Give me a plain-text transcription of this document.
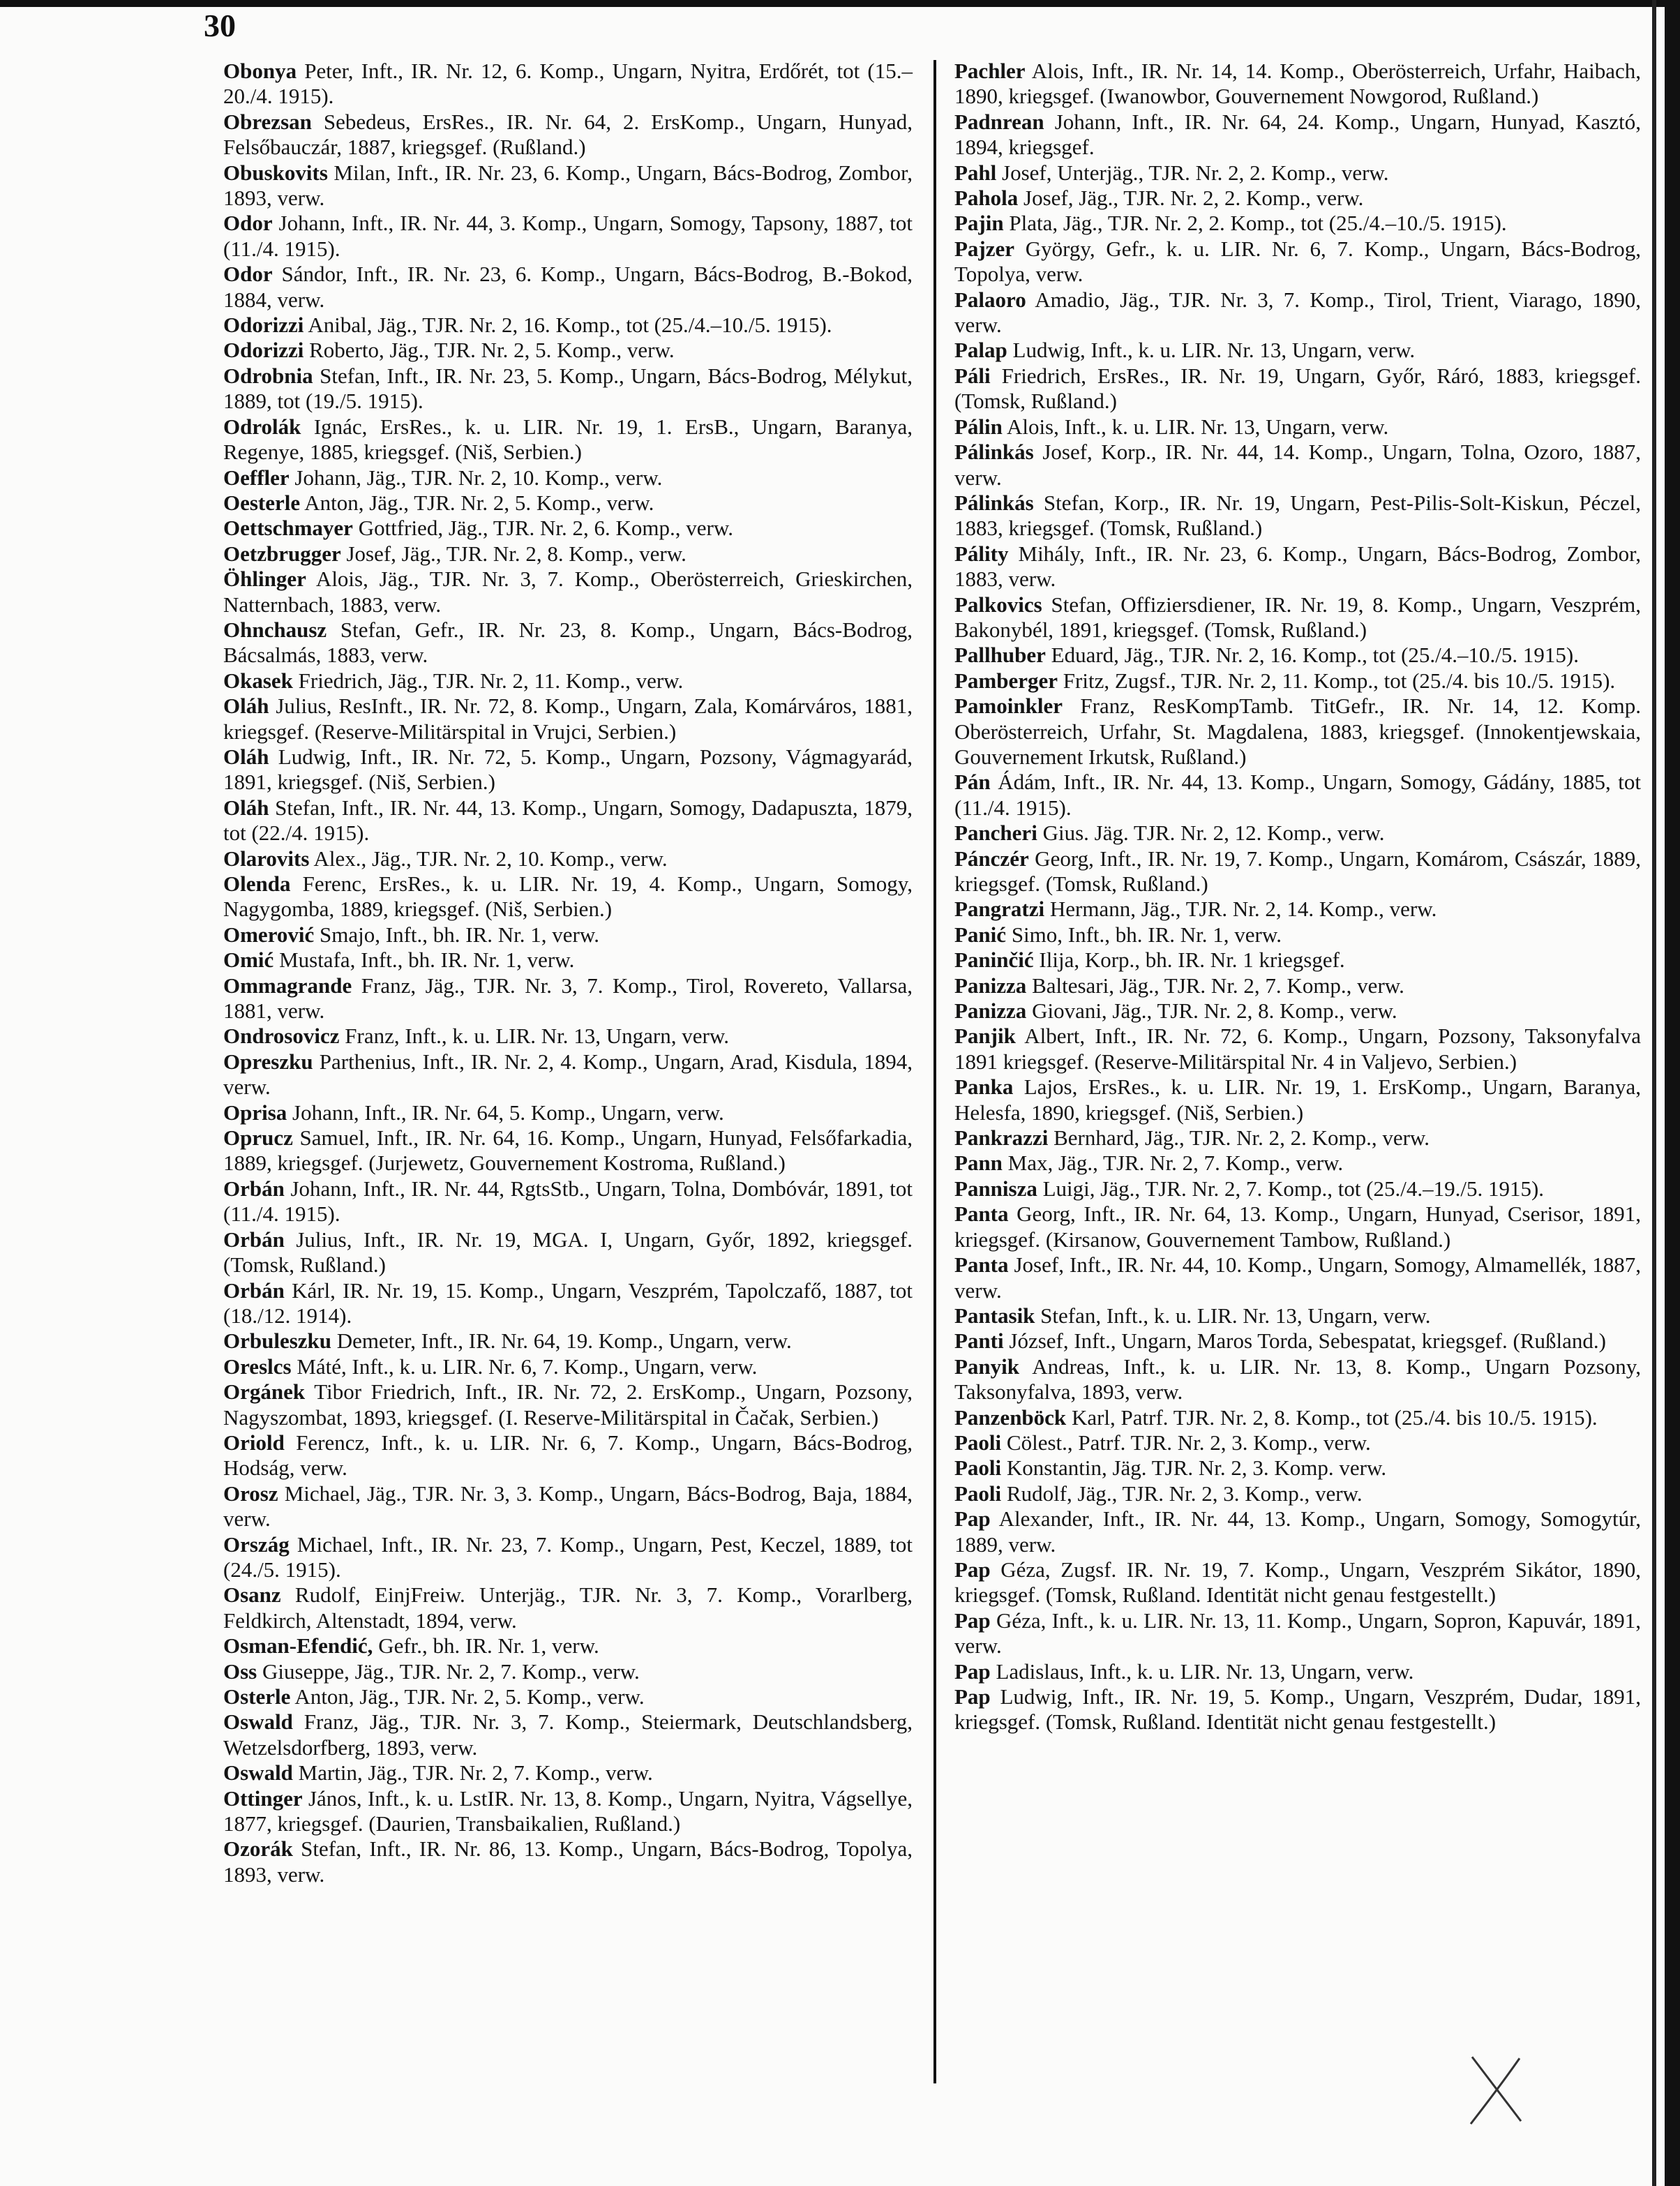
30

Obonya Peter, Inft., IR. Nr. 12, 6. Komp., Ungarn, Nyitra, Erdőrét, tot (15.–20./4. 1915).

Obrezsan Sebedeus, ErsRes., IR. Nr. 64, 2. ErsKomp., Ungarn, Hunyad, Felsőbauczár, 1887, kriegsgef. (Rußland.)

Obuskovits Milan, Inft., IR. Nr. 23, 6. Komp., Ungarn, Bács-Bodrog, Zombor, 1893, verw.

Odor Johann, Inft., IR. Nr. 44, 3. Komp., Ungarn, Somogy, Tapsony, 1887, tot (11./4. 1915).

Odor Sándor, Inft., IR. Nr. 23, 6. Komp., Ungarn, Bács-Bodrog, B.-Bokod, 1884, verw.

Odorizzi Anibal, Jäg., TJR. Nr. 2, 16. Komp., tot (25./4.–10./5. 1915).

Odorizzi Roberto, Jäg., TJR. Nr. 2, 5. Komp., verw.

Odrobnia Stefan, Inft., IR. Nr. 23, 5. Komp., Ungarn, Bács-Bodrog, Mélykut, 1889, tot (19./5. 1915).

Odrolák Ignác, ErsRes., k. u. LIR. Nr. 19, 1. ErsB., Ungarn, Baranya, Regenye, 1885, kriegsgef. (Niš, Serbien.)

Oeffler Johann, Jäg., TJR. Nr. 2, 10. Komp., verw.

Oesterle Anton, Jäg., TJR. Nr. 2, 5. Komp., verw.

Oettschmayer Gottfried, Jäg., TJR. Nr. 2, 6. Komp., verw.

Oetzbrugger Josef, Jäg., TJR. Nr. 2, 8. Komp., verw.

Öhlinger Alois, Jäg., TJR. Nr. 3, 7. Komp., Oberösterreich, Grieskirchen, Natternbach, 1883, verw.

Ohnchausz Stefan, Gefr., IR. Nr. 23, 8. Komp., Ungarn, Bács-Bodrog, Bácsalmás, 1883, verw.

Okasek Friedrich, Jäg., TJR. Nr. 2, 11. Komp., verw.

Oláh Julius, ResInft., IR. Nr. 72, 8. Komp., Ungarn, Zala, Komárváros, 1881, kriegsgef. (Reserve-Militärspital in Vrujci, Serbien.)

Oláh Ludwig, Inft., IR. Nr. 72, 5. Komp., Ungarn, Pozsony, Vágmagyarád, 1891, kriegsgef. (Niš, Serbien.)

Oláh Stefan, Inft., IR. Nr. 44, 13. Komp., Ungarn, Somogy, Dadapuszta, 1879, tot (22./4. 1915).

Olarovits Alex., Jäg., TJR. Nr. 2, 10. Komp., verw.

Olenda Ferenc, ErsRes., k. u. LIR. Nr. 19, 4. Komp., Ungarn, Somogy, Nagygomba, 1889, kriegsgef. (Niš, Serbien.)

Omerović Smajo, Inft., bh. IR. Nr. 1, verw.

Omić Mustafa, Inft., bh. IR. Nr. 1, verw.

Ommagrande Franz, Jäg., TJR. Nr. 3, 7. Komp., Tirol, Rovereto, Vallarsa, 1881, verw.

Ondrosovicz Franz, Inft., k. u. LIR. Nr. 13, Ungarn, verw.

Opreszku Parthenius, Inft., IR. Nr. 2, 4. Komp., Ungarn, Arad, Kisdula, 1894, verw.

Oprisa Johann, Inft., IR. Nr. 64, 5. Komp., Ungarn, verw.

Oprucz Samuel, Inft., IR. Nr. 64, 16. Komp., Ungarn, Hunyad, Felsőfarkadia, 1889, kriegsgef. (Jurjewetz, Gouvernement Kostroma, Rußland.)

Orbán Johann, Inft., IR. Nr. 44, RgtsStb., Ungarn, Tolna, Dombóvár, 1891, tot (11./4. 1915).

Orbán Julius, Inft., IR. Nr. 19, MGA. I, Ungarn, Győr, 1892, kriegsgef. (Tomsk, Rußland.)

Orbán Kárl, IR. Nr. 19, 15. Komp., Ungarn, Veszprém, Tapolczafő, 1887, tot (18./12. 1914).

Orbuleszku Demeter, Inft., IR. Nr. 64, 19. Komp., Ungarn, verw.

Oreslcs Máté, Inft., k. u. LIR. Nr. 6, 7. Komp., Ungarn, verw.

Orgánek Tibor Friedrich, Inft., IR. Nr. 72, 2. ErsKomp., Ungarn, Pozsony, Nagyszombat, 1893, kriegsgef. (I. Reserve-Militärspital in Čačak, Serbien.)

Oriold Ferencz, Inft., k. u. LIR. Nr. 6, 7. Komp., Ungarn, Bács-Bodrog, Hodság, verw.

Orosz Michael, Jäg., TJR. Nr. 3, 3. Komp., Ungarn, Bács-Bodrog, Baja, 1884, verw.

Ország Michael, Inft., IR. Nr. 23, 7. Komp., Ungarn, Pest, Keczel, 1889, tot (24./5. 1915).

Osanz Rudolf, EinjFreiw. Unterjäg., TJR. Nr. 3, 7. Komp., Vorarlberg, Feldkirch, Altenstadt, 1894, verw.

Osman-Efendić, Gefr., bh. IR. Nr. 1, verw.

Oss Giuseppe, Jäg., TJR. Nr. 2, 7. Komp., verw.

Osterle Anton, Jäg., TJR. Nr. 2, 5. Komp., verw.

Oswald Franz, Jäg., TJR. Nr. 3, 7. Komp., Steiermark, Deutschlandsberg, Wetzelsdorfberg, 1893, verw.

Oswald Martin, Jäg., TJR. Nr. 2, 7. Komp., verw.

Ottinger János, Inft., k. u. LstIR. Nr. 13, 8. Komp., Ungarn, Nyitra, Vágsellye, 1877, kriegsgef. (Daurien, Transbaikalien, Rußland.)

Ozorák Stefan, Inft., IR. Nr. 86, 13. Komp., Ungarn, Bács-Bodrog, Topolya, 1893, verw.

Pachler Alois, Inft., IR. Nr. 14, 14. Komp., Oberösterreich, Urfahr, Haibach, 1890, kriegsgef. (Iwanowbor, Gouvernement Nowgorod, Rußland.)

Padnrean Johann, Inft., IR. Nr. 64, 24. Komp., Ungarn, Hunyad, Kasztó, 1894, kriegsgef.

Pahl Josef, Unterjäg., TJR. Nr. 2, 2. Komp., verw.

Pahola Josef, Jäg., TJR. Nr. 2, 2. Komp., verw.

Pajin Plata, Jäg., TJR. Nr. 2, 2. Komp., tot (25./4.–10./5. 1915).

Pajzer György, Gefr., k. u. LIR. Nr. 6, 7. Komp., Ungarn, Bács-Bodrog, Topolya, verw.

Palaoro Amadio, Jäg., TJR. Nr. 3, 7. Komp., Tirol, Trient, Viarago, 1890, verw.

Palap Ludwig, Inft., k. u. LIR. Nr. 13, Ungarn, verw.

Páli Friedrich, ErsRes., IR. Nr. 19, Ungarn, Győr, Ráró, 1883, kriegsgef. (Tomsk, Rußland.)

Pálin Alois, Inft., k. u. LIR. Nr. 13, Ungarn, verw.

Pálinkás Josef, Korp., IR. Nr. 44, 14. Komp., Ungarn, Tolna, Ozoro, 1887, verw.

Pálinkás Stefan, Korp., IR. Nr. 19, Ungarn, Pest-Pilis-Solt-Kiskun, Péczel, 1883, kriegsgef. (Tomsk, Rußland.)

Pálity Mihály, Inft., IR. Nr. 23, 6. Komp., Ungarn, Bács-Bodrog, Zombor, 1883, verw.

Palkovics Stefan, Offiziersdiener, IR. Nr. 19, 8. Komp., Ungarn, Veszprém, Bakonybél, 1891, kriegsgef. (Tomsk, Rußland.)

Pallhuber Eduard, Jäg., TJR. Nr. 2, 16. Komp., tot (25./4.–10./5. 1915).

Pamberger Fritz, Zugsf., TJR. Nr. 2, 11. Komp., tot (25./4. bis 10./5. 1915).

Pamoinkler Franz, ResKompTamb. TitGefr., IR. Nr. 14, 12. Komp. Oberösterreich, Urfahr, St. Magdalena, 1883, kriegsgef. (Innokentjewskaia, Gouvernement Irkutsk, Rußland.)

Pán Ádám, Inft., IR. Nr. 44, 13. Komp., Ungarn, Somogy, Gádány, 1885, tot (11./4. 1915).

Pancheri Gius. Jäg. TJR. Nr. 2, 12. Komp., verw.

Pánczér Georg, Inft., IR. Nr. 19, 7. Komp., Ungarn, Komárom, Császár, 1889, kriegsgef. (Tomsk, Rußland.)

Pangratzi Hermann, Jäg., TJR. Nr. 2, 14. Komp., verw.

Panić Simo, Inft., bh. IR. Nr. 1, verw.

Paninčić Ilija, Korp., bh. IR. Nr. 1 kriegsgef.

Panizza Baltesari, Jäg., TJR. Nr. 2, 7. Komp., verw.

Panizza Giovani, Jäg., TJR. Nr. 2, 8. Komp., verw.

Panjik Albert, Inft., IR. Nr. 72, 6. Komp., Ungarn, Pozsony, Taksonyfalva 1891 kriegsgef. (Reserve-Militärspital Nr. 4 in Valjevo, Serbien.)

Panka Lajos, ErsRes., k. u. LIR. Nr. 19, 1. ErsKomp., Ungarn, Baranya, Helesfa, 1890, kriegsgef. (Niš, Serbien.)

Pankrazzi Bernhard, Jäg., TJR. Nr. 2, 2. Komp., verw.

Pann Max, Jäg., TJR. Nr. 2, 7. Komp., verw.

Pannisza Luigi, Jäg., TJR. Nr. 2, 7. Komp., tot (25./4.–19./5. 1915).

Panta Georg, Inft., IR. Nr. 64, 13. Komp., Ungarn, Hunyad, Cserisor, 1891, kriegsgef. (Kirsanow, Gouvernement Tambow, Rußland.)

Panta Josef, Inft., IR. Nr. 44, 10. Komp., Ungarn, Somogy, Almamellék, 1887, verw.

Pantasik Stefan, Inft., k. u. LIR. Nr. 13, Ungarn, verw.

Panti József, Inft., Ungarn, Maros Torda, Sebespatat, kriegsgef. (Rußland.)

Panyik Andreas, Inft., k. u. LIR. Nr. 13, 8. Komp., Ungarn Pozsony, Taksonyfalva, 1893, verw.

Panzenböck Karl, Patrf. TJR. Nr. 2, 8. Komp., tot (25./4. bis 10./5. 1915).

Paoli Cölest., Patrf. TJR. Nr. 2, 3. Komp., verw.

Paoli Konstantin, Jäg. TJR. Nr. 2, 3. Komp. verw.

Paoli Rudolf, Jäg., TJR. Nr. 2, 3. Komp., verw.

Pap Alexander, Inft., IR. Nr. 44, 13. Komp., Ungarn, Somogy, Somogytúr, 1889, verw.

Pap Géza, Zugsf. IR. Nr. 19, 7. Komp., Ungarn, Veszprém Sikátor, 1890, kriegsgef. (Tomsk, Rußland. Identität nicht genau festgestellt.)

Pap Géza, Inft., k. u. LIR. Nr. 13, 11. Komp., Ungarn, Sopron, Kapuvár, 1891, verw.

Pap Ladislaus, Inft., k. u. LIR. Nr. 13, Ungarn, verw.

Pap Ludwig, Inft., IR. Nr. 19, 5. Komp., Ungarn, Veszprém, Dudar, 1891, kriegsgef. (Tomsk, Rußland. Identität nicht genau festgestellt.)
